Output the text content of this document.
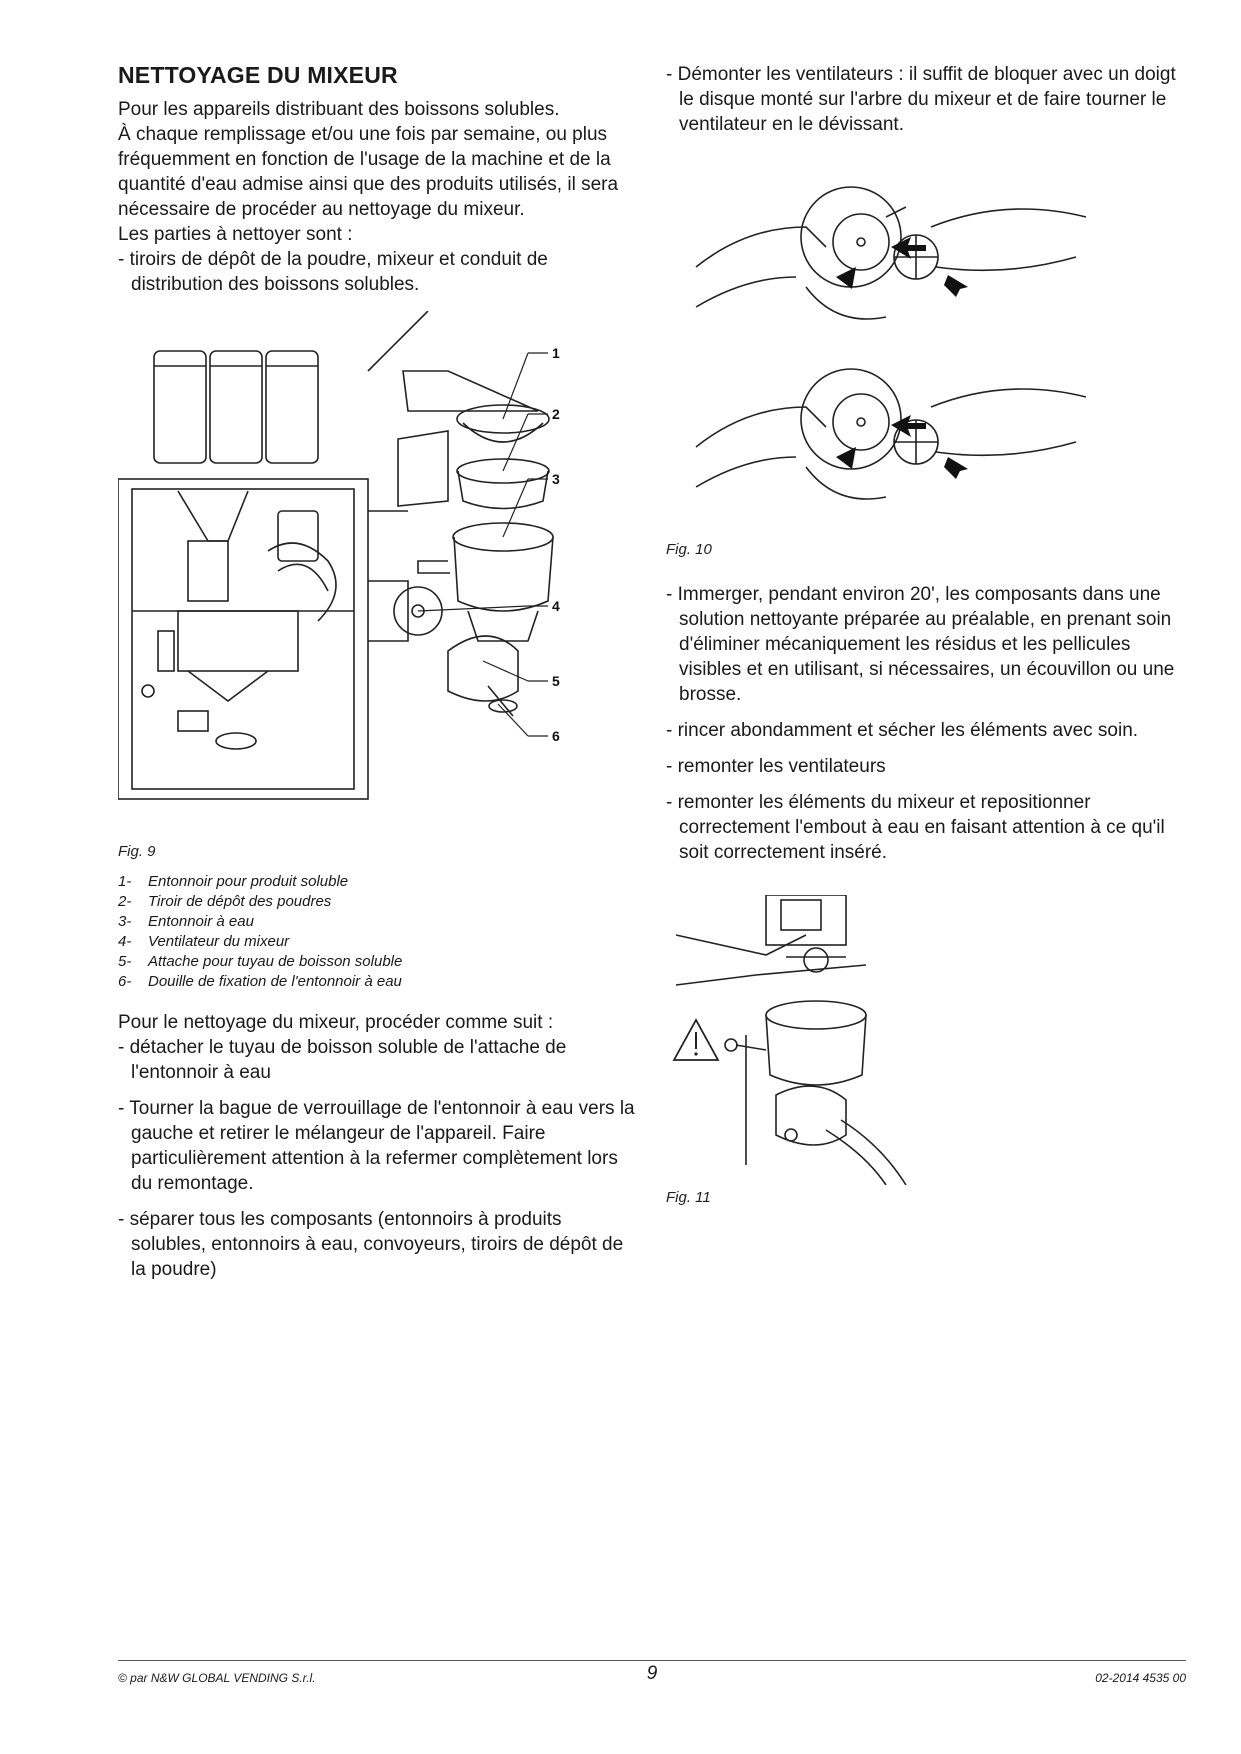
NETTOYAGE DU MIXEUR

Pour les appareils distribuant des boissons solubles.

À chaque remplissage et/ou une fois par semaine, ou plus fréquemment en fonction de l'usage de la machine et de la quantité d'eau admise ainsi que des produits utilisés, il sera nécessaire de procéder au nettoyage du mixeur.

Les parties à nettoyer sont :

- tiroirs de dépôt de la poudre, mixeur et conduit de distribution des boissons solubles.

1
2
3
4
5
6

Fig. 9

1-	Entonnoir pour produit soluble
2-	Tiroir de dépôt des poudres
3-	Entonnoir à eau
4-	Ventilateur du mixeur
5-	Attache pour tuyau de boisson soluble
6-	Douille de fixation de l'entonnoir à eau

Pour le nettoyage du mixeur, procéder comme suit :

- détacher le tuyau de boisson soluble de l'attache de l'entonnoir à eau

- Tourner la bague de verrouillage de l'entonnoir à eau vers la gauche et retirer le mélangeur de l'appareil. Faire particulièrement attention à la refermer complètement lors du remontage.

- séparer tous les composants (entonnoirs à produits solubles, entonnoirs à eau, convoyeurs, tiroirs de dépôt de la poudre)

- Démonter les ventilateurs : il suffit de bloquer avec un doigt le disque monté sur l'arbre du mixeur et de faire tourner le ventilateur en le dévissant.

Fig. 10

- Immerger, pendant environ 20', les composants dans une solution nettoyante préparée au préalable, en prenant soin d'éliminer mécaniquement les résidus et les pellicules visibles et en utilisant, si nécessaires, un écouvillon ou une brosse.

- rincer abondamment et sécher les éléments avec soin.

- remonter les ventilateurs

- remonter les éléments du mixeur et repositionner correctement l'embout à eau en faisant attention à ce qu'il soit correctement inséré.

Fig. 11

© par N&W GLOBAL VENDING S.r.l.	9	02-2014 4535 00
